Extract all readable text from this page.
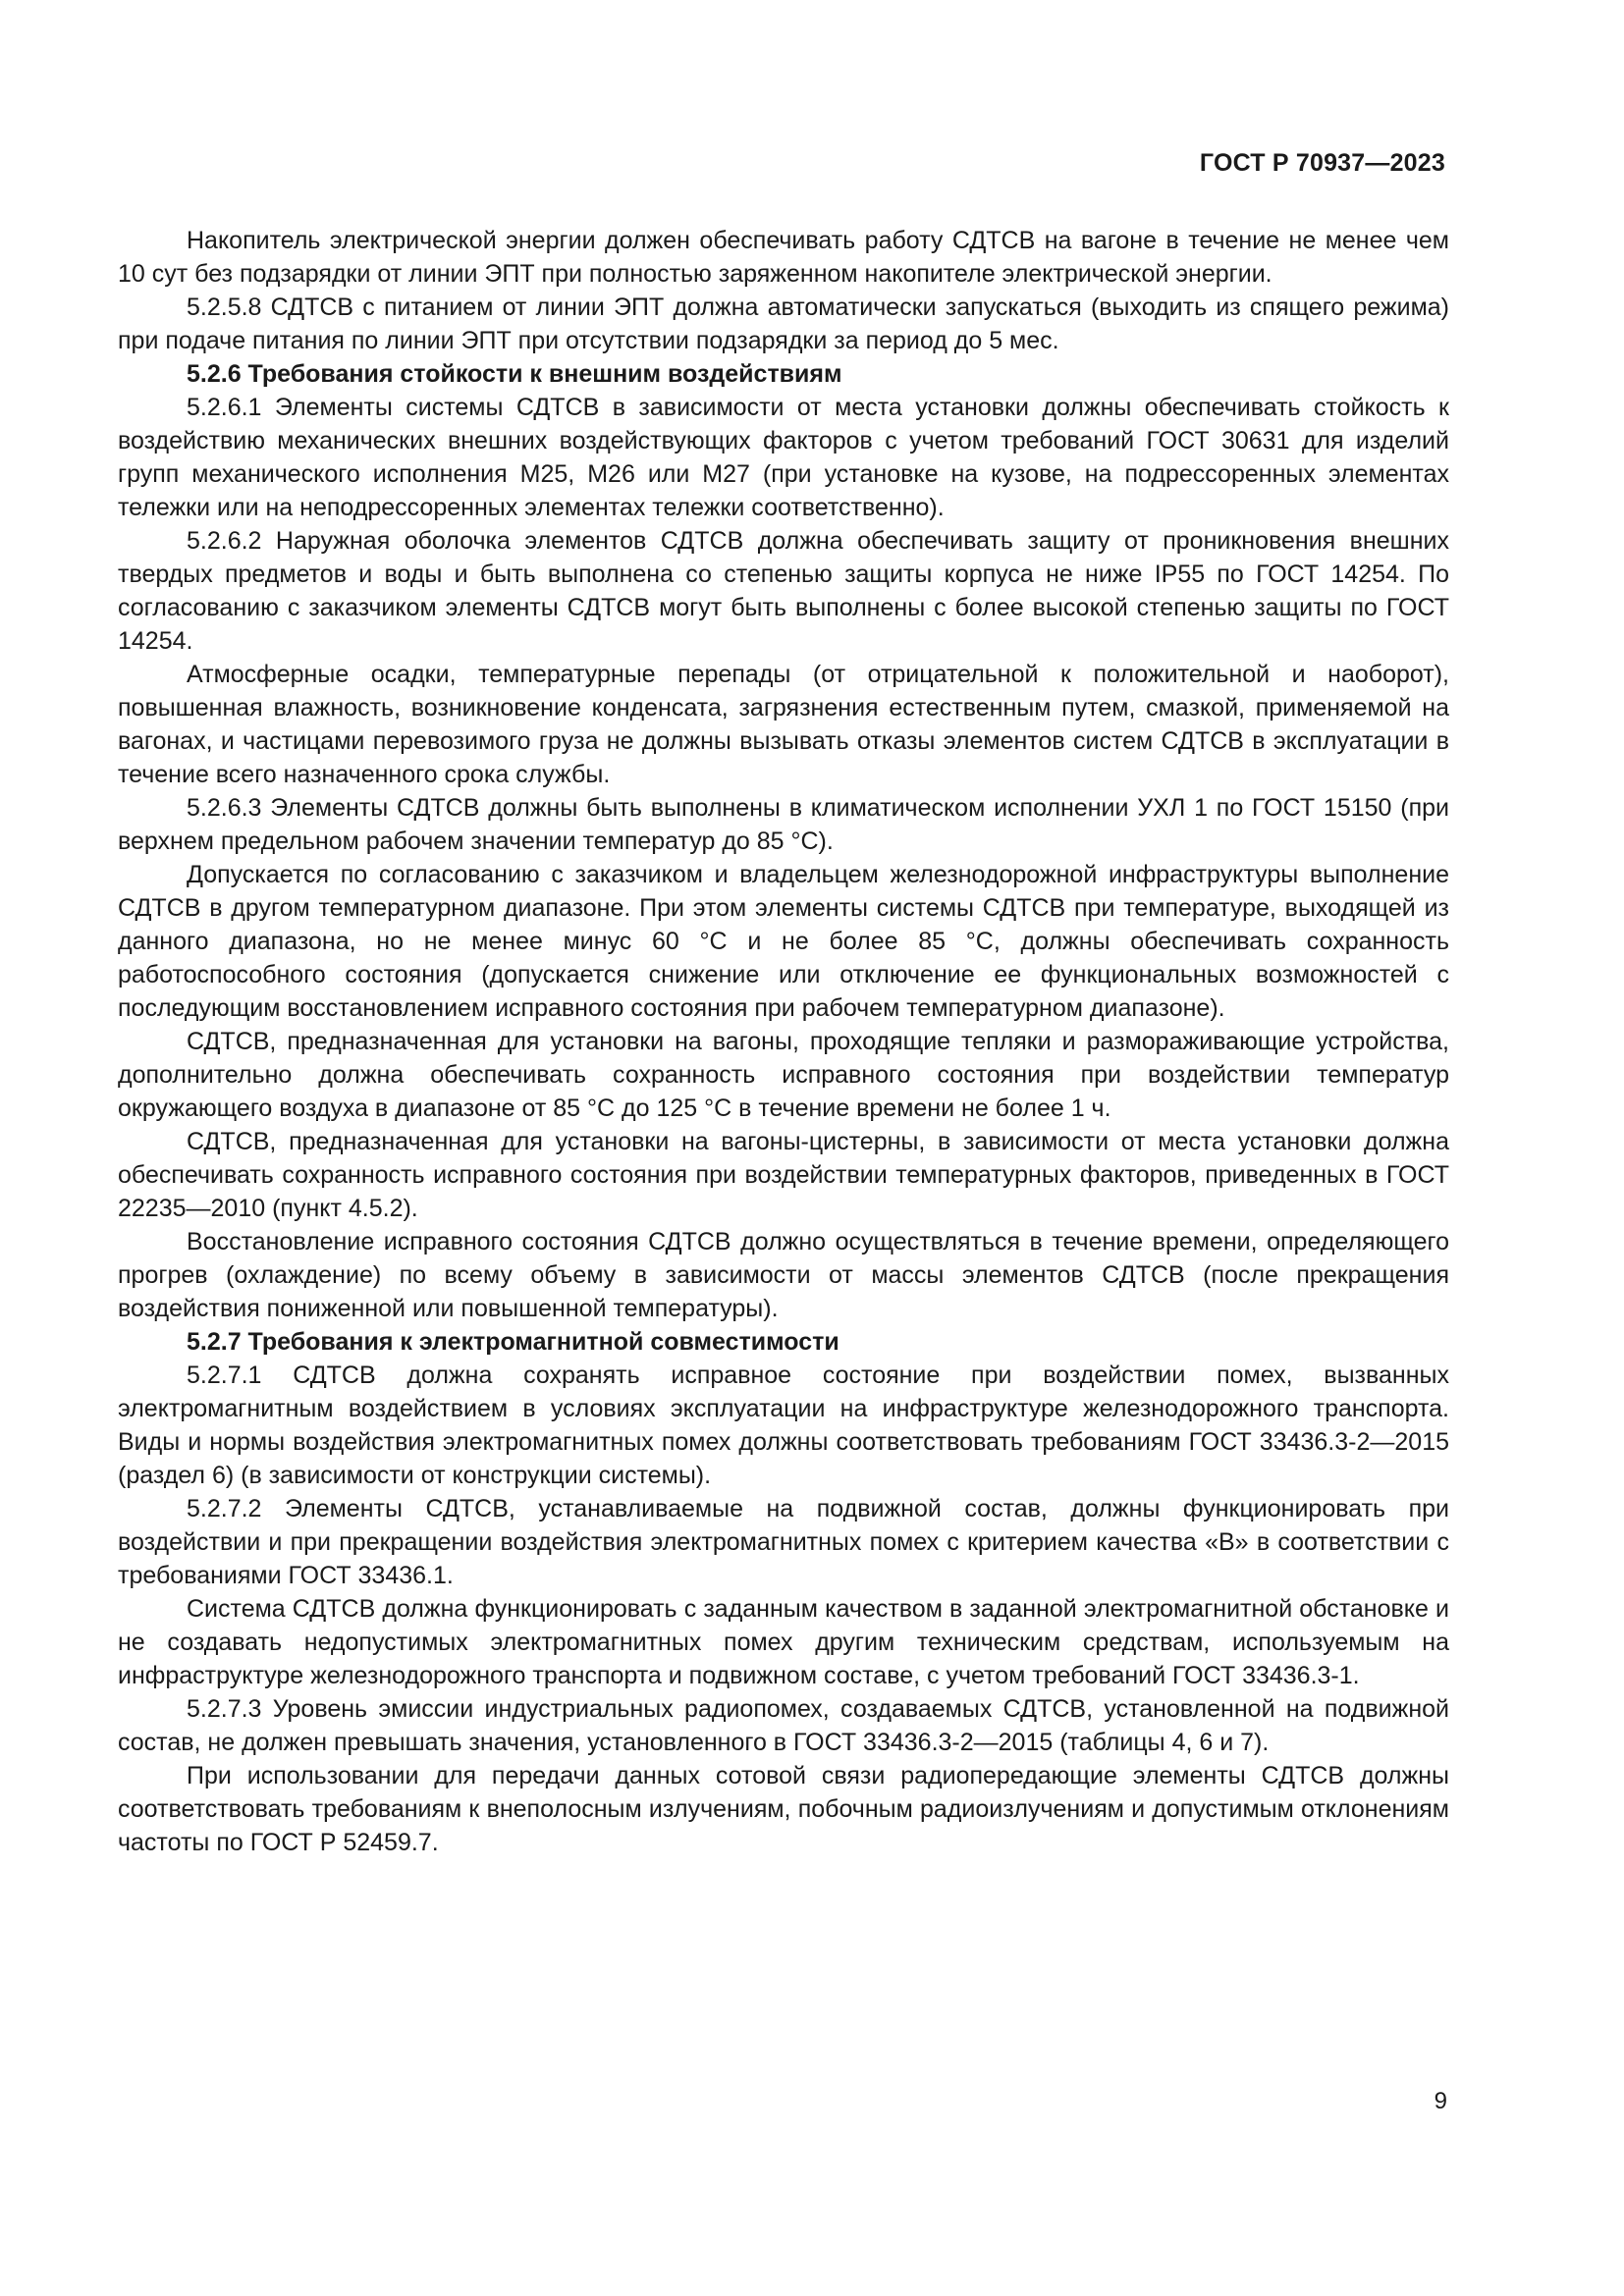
ГОСТ Р 70937—2023

Накопитель электрической энергии должен обеспечивать работу СДТСВ на вагоне в течение не менее чем 10 сут без подзарядки от линии ЭПТ при полностью заряженном накопителе электрической энергии.

5.2.5.8 СДТСВ с питанием от линии ЭПТ должна автоматически запускаться (выходить из спящего режима) при подаче питания по линии ЭПТ при отсутствии подзарядки за период до 5 мес.

5.2.6 Требования стойкости к внешним воздействиям

5.2.6.1 Элементы системы СДТСВ в зависимости от места установки должны обеспечивать стойкость к воздействию механических внешних воздействующих факторов с учетом требований ГОСТ 30631 для изделий групп механического исполнения М25, М26 или М27 (при установке на кузове, на подрессоренных элементах тележки или на неподрессоренных элементах тележки соответственно).

5.2.6.2 Наружная оболочка элементов СДТСВ должна обеспечивать защиту от проникновения внешних твердых предметов и воды и быть выполнена со степенью защиты корпуса не ниже IP55 по ГОСТ 14254. По согласованию с заказчиком элементы СДТСВ могут быть выполнены с более высокой степенью защиты по ГОСТ 14254.

Атмосферные осадки, температурные перепады (от отрицательной к положительной и наоборот), повышенная влажность, возникновение конденсата, загрязнения естественным путем, смазкой, применяемой на вагонах, и частицами перевозимого груза не должны вызывать отказы элементов систем СДТСВ в эксплуатации в течение всего назначенного срока службы.

5.2.6.3 Элементы СДТСВ должны быть выполнены в климатическом исполнении УХЛ 1 по ГОСТ 15150 (при верхнем предельном рабочем значении температур до 85 °С).

Допускается по согласованию с заказчиком и владельцем железнодорожной инфраструктуры выполнение СДТСВ в другом температурном диапазоне. При этом элементы системы СДТСВ при температуре, выходящей из данного диапазона, но не менее минус 60 °С и не более 85 °С, должны обеспечивать сохранность работоспособного состояния (допускается снижение или отключение ее функциональных возможностей с последующим восстановлением исправного состояния при рабочем температурном диапазоне).

СДТСВ, предназначенная для установки на вагоны, проходящие тепляки и размораживающие устройства, дополнительно должна обеспечивать сохранность исправного состояния при воздействии температур окружающего воздуха в диапазоне от 85 °С до 125 °С в течение времени не более 1 ч.

СДТСВ, предназначенная для установки на вагоны-цистерны, в зависимости от места установки должна обеспечивать сохранность исправного состояния при воздействии температурных факторов, приведенных в ГОСТ 22235—2010 (пункт 4.5.2).

Восстановление исправного состояния СДТСВ должно осуществляться в течение времени, определяющего прогрев (охлаждение) по всему объему в зависимости от массы элементов СДТСВ (после прекращения воздействия пониженной или повышенной температуры).

5.2.7 Требования к электромагнитной совместимости

5.2.7.1 СДТСВ должна сохранять исправное состояние при воздействии помех, вызванных электромагнитным воздействием в условиях эксплуатации на инфраструктуре железнодорожного транспорта. Виды и нормы воздействия электромагнитных помех должны соответствовать требованиям ГОСТ 33436.3-2—2015 (раздел 6) (в зависимости от конструкции системы).

5.2.7.2 Элементы СДТСВ, устанавливаемые на подвижной состав, должны функционировать при воздействии и при прекращении воздействия электромагнитных помех с критерием качества «В» в соответствии с требованиями ГОСТ 33436.1.

Система СДТСВ должна функционировать с заданным качеством в заданной электромагнитной обстановке и не создавать недопустимых электромагнитных помех другим техническим средствам, используемым на инфраструктуре железнодорожного транспорта и подвижном составе, с учетом требований ГОСТ 33436.3-1.

5.2.7.3 Уровень эмиссии индустриальных радиопомех, создаваемых СДТСВ, установленной на подвижной состав, не должен превышать значения, установленного в ГОСТ 33436.3-2—2015 (таблицы 4, 6 и 7).

При использовании для передачи данных сотовой связи радиопередающие элементы СДТСВ должны соответствовать требованиям к внеполосным излучениям, побочным радиоизлучениям и допустимым отклонениям частоты по ГОСТ Р 52459.7.

9
